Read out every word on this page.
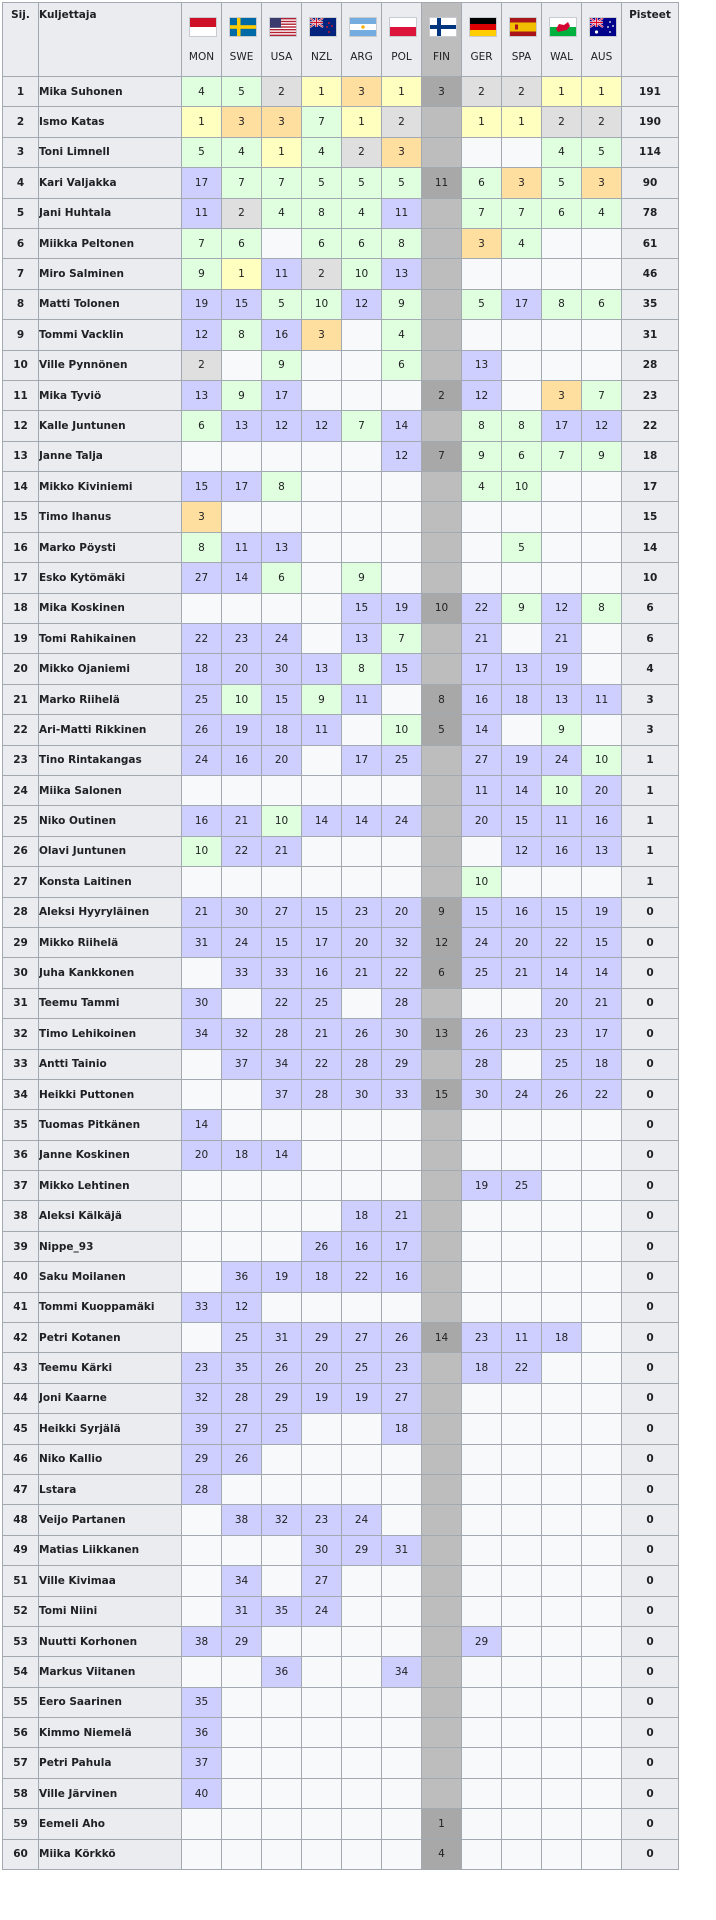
Sij.	Kuljettaja	MON	SWE	USA	NZL	ARG	POL	FIN	GER	SPA	WAL	AUS	Pisteet
1	Mika Suhonen	4	5	2	1	3	1	3	2	2	1	1	191
2	Ismo Katas	1	3	3	7	1	2		1	1	2	2	190
3	Toni Limnell	5	4	1	4	2	3				4	5	114
4	Kari Valjakka	17	7	7	5	5	5	11	6	3	5	3	90
5	Jani Huhtala	11	2	4	8	4	11		7	7	6	4	78
6	Miikka Peltonen	7	6		6	6	8		3	4			61
7	Miro Salminen	9	1	11	2	10	13						46
8	Matti Tolonen	19	15	5	10	12	9		5	17	8	6	35
9	Tommi Vacklin	12	8	16	3		4						31
10	Ville Pynnönen	2		9			6		13				28
11	Mika Tyviö	13	9	17				2	12		3	7	23
12	Kalle Juntunen	6	13	12	12	7	14		8	8	17	12	22
13	Janne Talja						12	7	9	6	7	9	18
14	Mikko Kiviniemi	15	17	8					4	10			17
15	Timo Ihanus	3											15
16	Marko Pöysti	8	11	13						5			14
17	Esko Kytömäki	27	14	6		9							10
18	Mika Koskinen					15	19	10	22	9	12	8	6
19	Tomi Rahikainen	22	23	24		13	7		21		21		6
20	Mikko Ojaniemi	18	20	30	13	8	15		17	13	19		4
21	Marko Riihelä	25	10	15	9	11		8	16	18	13	11	3
22	Ari-Matti Rikkinen	26	19	18	11		10	5	14		9		3
23	Tino Rintakangas	24	16	20		17	25		27	19	24	10	1
24	Miika Salonen								11	14	10	20	1
25	Niko Outinen	16	21	10	14	14	24		20	15	11	16	1
26	Olavi Juntunen	10	22	21						12	16	13	1
27	Konsta Laitinen								10				1
28	Aleksi Hyyryläinen	21	30	27	15	23	20	9	15	16	15	19	0
29	Mikko Riihelä	31	24	15	17	20	32	12	24	20	22	15	0
30	Juha Kankkonen		33	33	16	21	22	6	25	21	14	14	0
31	Teemu Tammi	30		22	25		28				20	21	0
32	Timo Lehikoinen	34	32	28	21	26	30	13	26	23	23	17	0
33	Antti Tainio		37	34	22	28	29		28		25	18	0
34	Heikki Puttonen			37	28	30	33	15	30	24	26	22	0
35	Tuomas Pitkänen	14											0
36	Janne Koskinen	20	18	14									0
37	Mikko Lehtinen								19	25			0
38	Aleksi Kälkäjä					18	21						0
39	Nippe_93				26	16	17						0
40	Saku Moilanen		36	19	18	22	16						0
41	Tommi Kuoppamäki	33	12										0
42	Petri Kotanen		25	31	29	27	26	14	23	11	18		0
43	Teemu Kärki	23	35	26	20	25	23		18	22			0
44	Joni Kaarne	32	28	29	19	19	27						0
45	Heikki Syrjälä	39	27	25			18						0
46	Niko Kallio	29	26										0
47	Lstara	28											0
48	Veijo Partanen		38	32	23	24							0
49	Matias Liikkanen				30	29	31						0
51	Ville Kivimaa		34		27								0
52	Tomi Niini		31	35	24								0
53	Nuutti Korhonen	38	29						29				0
54	Markus Viitanen			36			34						0
55	Eero Saarinen	35											0
56	Kimmo Niemelä	36											0
57	Petri Pahula	37											0
58	Ville Järvinen	40											0
59	Eemeli Aho							1					0
60	Miika Körkkö							4					0
